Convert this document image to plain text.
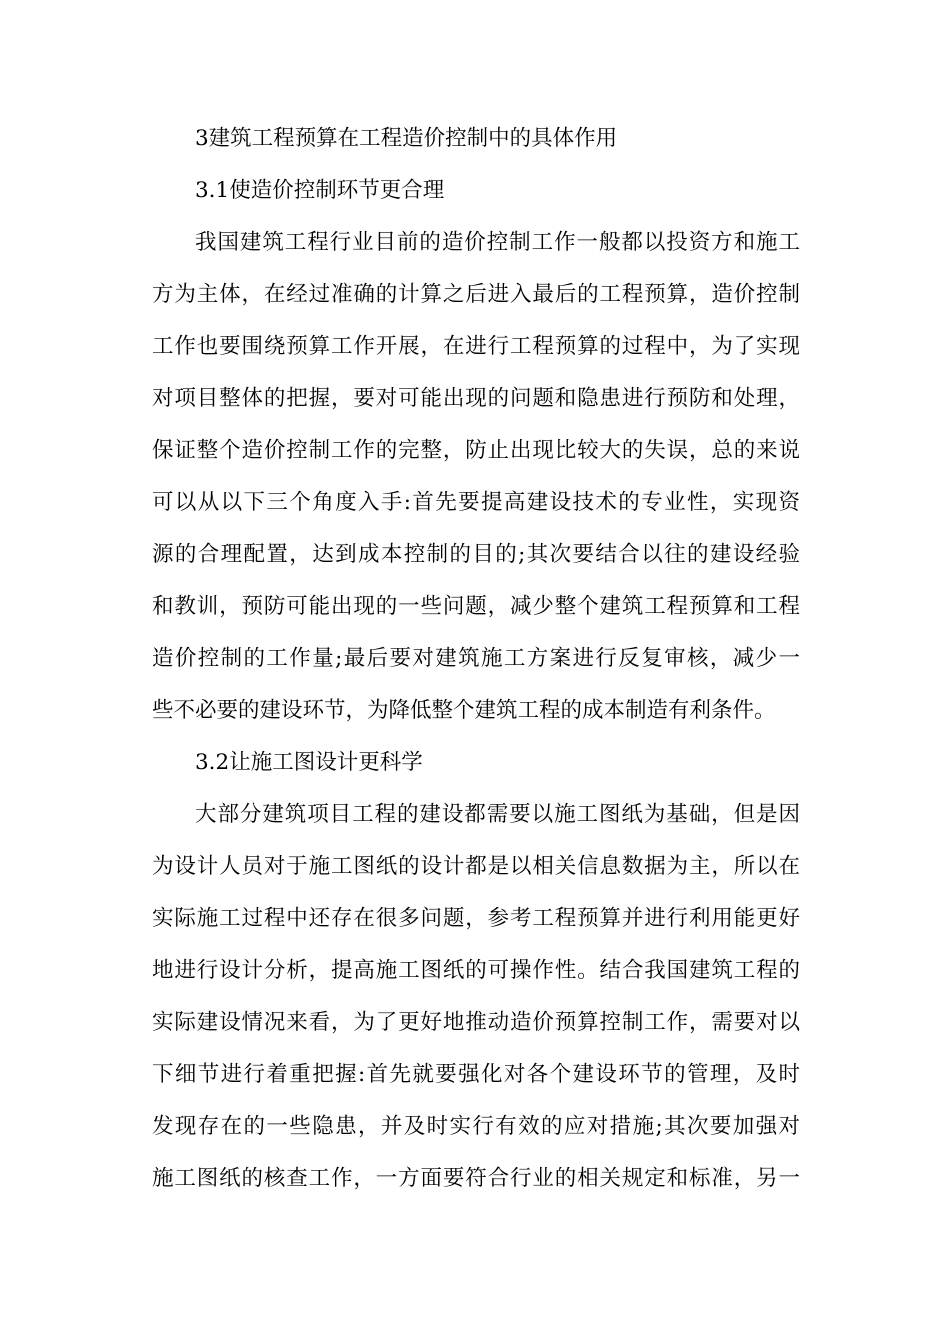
3建筑工程预算在工程造价控制中的具体作用
3.1使造价控制环节更合理
我国建筑工程行业目前的造价控制工作一般都以投资方和施工
方为主体，在经过准确的计算之后进入最后的工程预算，造价控制
工作也要围绕预算工作开展，在进行工程预算的过程中，为了实现
对项目整体的把握，要对可能出现的问题和隐患进行预防和处理，
保证整个造价控制工作的完整，防止出现比较大的失误，总的来说
可以从以下三个角度入手:首先要提高建设技术的专业性，实现资
源的合理配置，达到成本控制的目的;其次要结合以往的建设经验
和教训，预防可能出现的一些问题，减少整个建筑工程预算和工程
造价控制的工作量;最后要对建筑施工方案进行反复审核，减少一
些不必要的建设环节，为降低整个建筑工程的成本制造有利条件。
3.2让施工图设计更科学
大部分建筑项目工程的建设都需要以施工图纸为基础，但是因
为设计人员对于施工图纸的设计都是以相关信息数据为主，所以在
实际施工过程中还存在很多问题，参考工程预算并进行利用能更好
地进行设计分析，提高施工图纸的可操作性。结合我国建筑工程的
实际建设情况来看，为了更好地推动造价预算控制工作，需要对以
下细节进行着重把握:首先就要强化对各个建设环节的管理，及时
发现存在的一些隐患，并及时实行有效的应对措施;其次要加强对
施工图纸的核查工作，一方面要符合行业的相关规定和标准，另一
